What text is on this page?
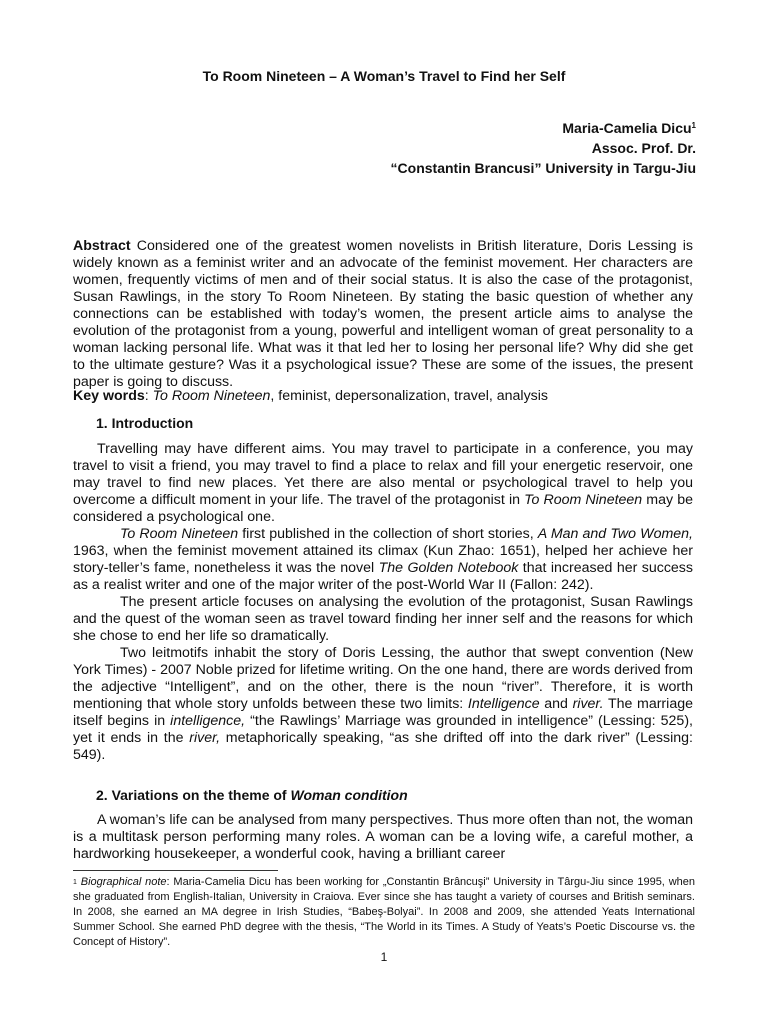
To Room Nineteen – A Woman’s Travel to Find her Self
Maria-Camelia Dicu$^1$
Assoc. Prof. Dr.
“Constantin Brancusi” University in Targu-Jiu
Abstract Considered one of the greatest women novelists in British literature, Doris Lessing is widely known as a feminist writer and an advocate of the feminist movement. Her characters are women, frequently victims of men and of their social status. It is also the case of the protagonist, Susan Rawlings, in the story To Room Nineteen. By stating the basic question of whether any connections can be established with today’s women, the present article aims to analyse the evolution of the protagonist from a young, powerful and intelligent woman of great personality to a woman lacking personal life. What was it that led her to losing her personal life? Why did she get to the ultimate gesture? Was it a psychological issue? These are some of the issues, the present paper is going to discuss.
Key words: To Room Nineteen, feminist, depersonalization, travel, analysis
1. Introduction

Travelling may have different aims. You may travel to participate in a conference, you may travel to visit a friend, you may travel to find a place to relax and fill your energetic reservoir, one may travel to find new places. Yet there are also mental or psychological travel to help you overcome a difficult moment in your life. The travel of the protagonist in To Room Nineteen may be considered a psychological one.

To Room Nineteen first published in the collection of short stories, A Man and Two Women, 1963, when the feminist movement attained its climax (Kun Zhao: 1651), helped her achieve her story-teller’s fame, nonetheless it was the novel The Golden Notebook that increased her success as a realist writer and one of the major writer of the post-World War II (Fallon: 242).

The present article focuses on analysing the evolution of the protagonist, Susan Rawlings and the quest of the woman seen as travel toward finding her inner self and the reasons for which she chose to end her life so dramatically.

Two leitmotifs inhabit the story of Doris Lessing, the author that swept convention (New York Times) - 2007 Noble prized for lifetime writing. On the one hand, there are words derived from the adjective “Intelligent”, and on the other, there is the noun “river”. Therefore, it is worth mentioning that whole story unfolds between these two limits: Intelligence and river. The marriage itself begins in intelligence, “the Rawlings’ Marriage was grounded in intelligence” (Lessing: 525), yet it ends in the river, metaphorically speaking, “as she drifted off into the dark river” (Lessing: 549).

2. Variations on the theme of Woman condition

A woman’s life can be analysed from many perspectives. Thus more often than not, the woman is a multitask person performing many roles. A woman can be a loving wife, a careful mother, a hardworking housekeeper, a wonderful cook, having a brilliant career

$^1$ Biographical note: Maria-Camelia Dicu has been working for „Constantin Brâncuşi” University in Târgu-Jiu since 1995, when she graduated from English-Italian, University in Craiova. Ever since she has taught a variety of courses and British seminars. In 2008, she earned an MA degree in Irish Studies, “Babeş-Bolyai”. In 2008 and 2009, she attended Yeats International Summer School. She earned PhD degree with the thesis, “The World in its Times. A Study of Yeats’s Poetic Discourse vs. the Concept of History”.
1
